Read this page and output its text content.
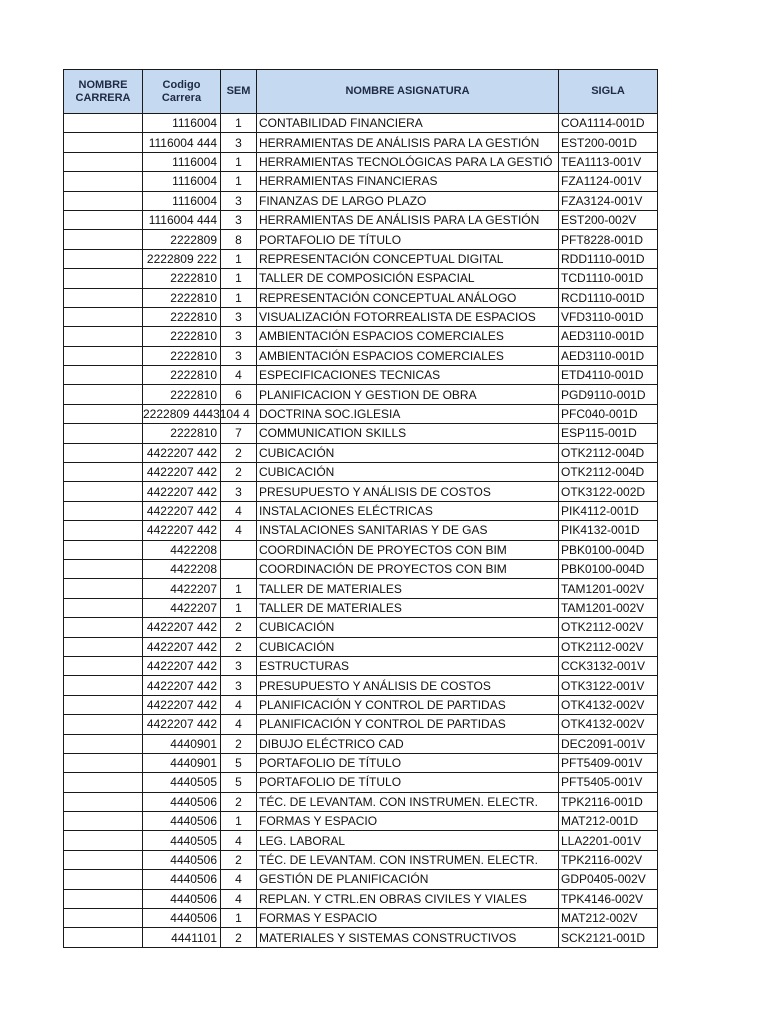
NOMBRE CARRERA	Codigo Carrera	SEM	NOMBRE ASIGNATURA	SIGLA
	1116004	1	CONTABILIDAD FINANCIERA	COA1114-001D
	1116004 444	3	HERRAMIENTAS DE ANÁLISIS PARA LA GESTIÓN	EST200-001D
	1116004	1	HERRAMIENTAS TECNOLÓGICAS PARA LA GESTIÓ	TEA1113-001V
	1116004	1	HERRAMIENTAS FINANCIERAS	FZA1124-001V
	1116004	3	FINANZAS DE LARGO PLAZO	FZA3124-001V
	1116004 444	3	HERRAMIENTAS DE ANÁLISIS PARA LA GESTIÓN	EST200-002V
	2222809	8	PORTAFOLIO DE TÍTULO	PFT8228-001D
	2222809 222	1	REPRESENTACIÓN CONCEPTUAL DIGITAL	RDD1110-001D
	2222810	1	TALLER DE COMPOSICIÓN ESPACIAL	TCD1110-001D
	2222810	1	REPRESENTACIÓN CONCEPTUAL ANÁLOGO	RCD1110-001D
	2222810	3	VISUALIZACIÓN FOTORREALISTA DE ESPACIOS	VFD3110-001D
	2222810	3	AMBIENTACIÓN ESPACIOS COMERCIALES	AED3110-001D
	2222810	3	AMBIENTACIÓN ESPACIOS COMERCIALES	AED3110-001D
	2222810	4	ESPECIFICACIONES TECNICAS	ETD4110-001D
	2222810	6	PLANIFICACION Y GESTION DE OBRA	PGD9110-001D
	2222809 4443104 4		DOCTRINA SOC.IGLESIA	PFC040-001D
	2222810	7	COMMUNICATION SKILLS	ESP115-001D
	4422207 442	2	CUBICACIÓN	OTK2112-004D
	4422207 442	2	CUBICACIÓN	OTK2112-004D
	4422207 442	3	PRESUPUESTO Y ANÁLISIS DE COSTOS	OTK3122-002D
	4422207 442	4	INSTALACIONES ELÉCTRICAS	PIK4112-001D
	4422207 442	4	INSTALACIONES SANITARIAS Y DE GAS	PIK4132-001D
	4422208		COORDINACIÓN DE PROYECTOS CON BIM	PBK0100-004D
	4422208		COORDINACIÓN DE PROYECTOS CON BIM	PBK0100-004D
	4422207	1	TALLER DE MATERIALES	TAM1201-002V
	4422207	1	TALLER DE MATERIALES	TAM1201-002V
	4422207 442	2	CUBICACIÓN	OTK2112-002V
	4422207 442	2	CUBICACIÓN	OTK2112-002V
	4422207 442	3	ESTRUCTURAS	CCK3132-001V
	4422207 442	3	PRESUPUESTO Y ANÁLISIS DE COSTOS	OTK3122-001V
	4422207 442	4	PLANIFICACIÓN Y CONTROL DE PARTIDAS	OTK4132-002V
	4422207 442	4	PLANIFICACIÓN Y CONTROL DE PARTIDAS	OTK4132-002V
	4440901	2	DIBUJO ELÉCTRICO CAD	DEC2091-001V
	4440901	5	PORTAFOLIO DE TÍTULO	PFT5409-001V
	4440505	5	PORTAFOLIO DE TÍTULO	PFT5405-001V
	4440506	2	TÉC. DE LEVANTAM. CON INSTRUMEN. ELECTR.	TPK2116-001D
	4440506	1	FORMAS Y ESPACIO	MAT212-001D
	4440505	4	LEG. LABORAL	LLA2201-001V
	4440506	2	TÉC. DE LEVANTAM. CON INSTRUMEN. ELECTR.	TPK2116-002V
	4440506	4	GESTIÓN DE PLANIFICACIÓN	GDP0405-002V
	4440506	4	REPLAN. Y CTRL.EN OBRAS CIVILES Y VIALES	TPK4146-002V
	4440506	1	FORMAS Y ESPACIO	MAT212-002V
	4441101	2	MATERIALES Y SISTEMAS CONSTRUCTIVOS	SCK2121-001D
